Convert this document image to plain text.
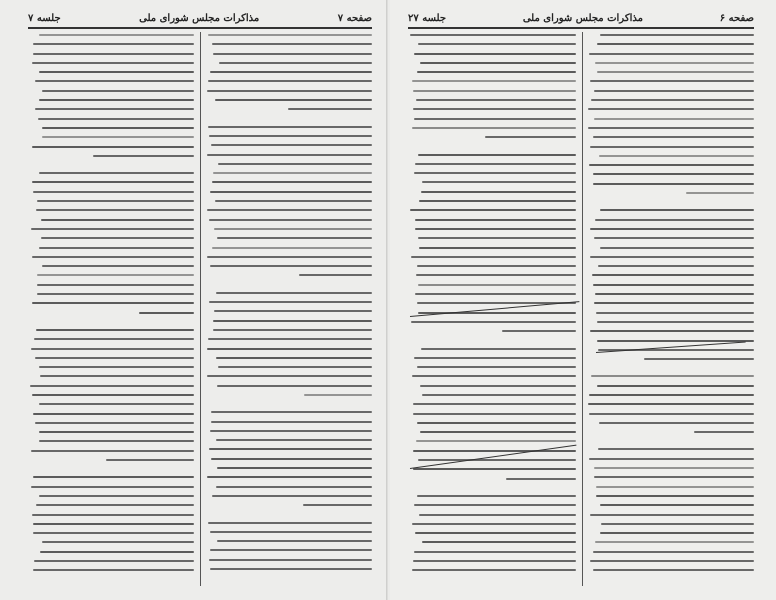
صفحه ۷
مذاکرات مجلس شورای ملی
جلسه ۷	صفحه ۶
مذاکرات مجلس شورای ملی
جلسه ۲۷
